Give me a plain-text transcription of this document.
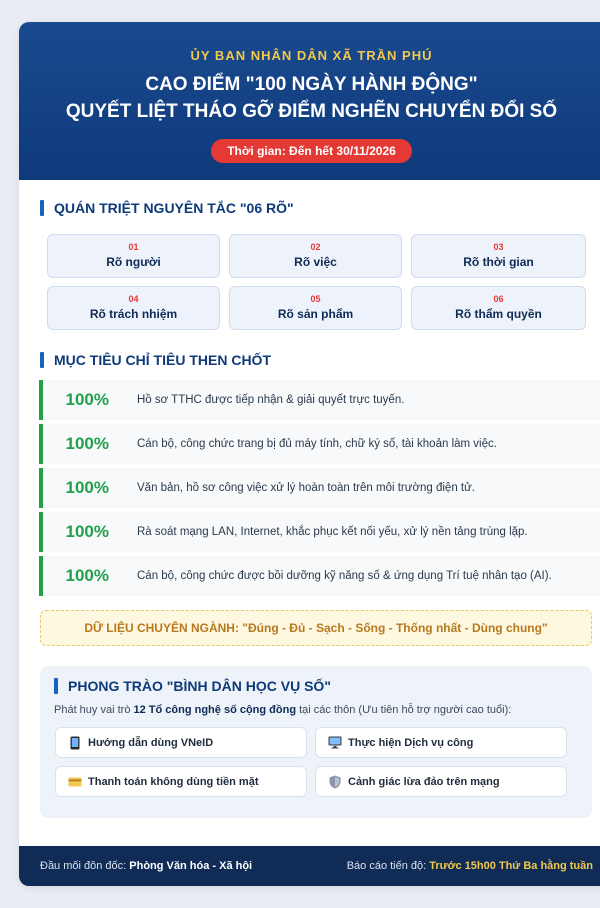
ỦY BAN NHÂN DÂN XÃ TRẦN PHÚ
CAO ĐIỂM "100 NGÀY HÀNH ĐỘNG"
QUYẾT LIỆT THÁO GỠ ĐIỂM NGHẼN CHUYỂN ĐỔI SỐ
Thời gian: Đến hết 30/11/2026
QUÁN TRIỆT NGUYÊN TẮC "06 RÕ"
01
Rõ người
02
Rõ việc
03
Rõ thời gian
04
Rõ trách nhiệm
05
Rõ sản phẩm
06
Rõ thẩm quyền
MỤC TIÊU CHỈ TIÊU THEN CHỐT
100% Hồ sơ TTHC được tiếp nhận & giải quyết trực tuyến.
100% Cán bộ, công chức trang bị đủ máy tính, chữ ký số, tài khoản làm việc.
100% Văn bản, hồ sơ công việc xử lý hoàn toàn trên môi trường điện tử.
100% Rà soát mạng LAN, Internet, khắc phục kết nối yếu, xử lý nền tảng trùng lặp.
100% Cán bộ, công chức được bồi dưỡng kỹ năng số & ứng dụng Trí tuệ nhân tạo (AI).
DỮ LIỆU CHUYÊN NGÀNH: "Đúng - Đủ - Sạch - Sống - Thống nhất - Dùng chung"
PHONG TRÀO "BÌNH DÂN HỌC VỤ SỐ"
Phát huy vai trò 12 Tổ công nghệ số cộng đồng tại các thôn (Ưu tiên hỗ trợ người cao tuổi):
Hướng dẫn dùng VNeID	Thực hiện Dịch vụ công
Thanh toán không dùng tiền mặt	Cảnh giác lừa đảo trên mạng
Đầu mối đôn đốc: Phòng Văn hóa - Xã hội	Báo cáo tiến độ: Trước 15h00 Thứ Ba hằng tuần
